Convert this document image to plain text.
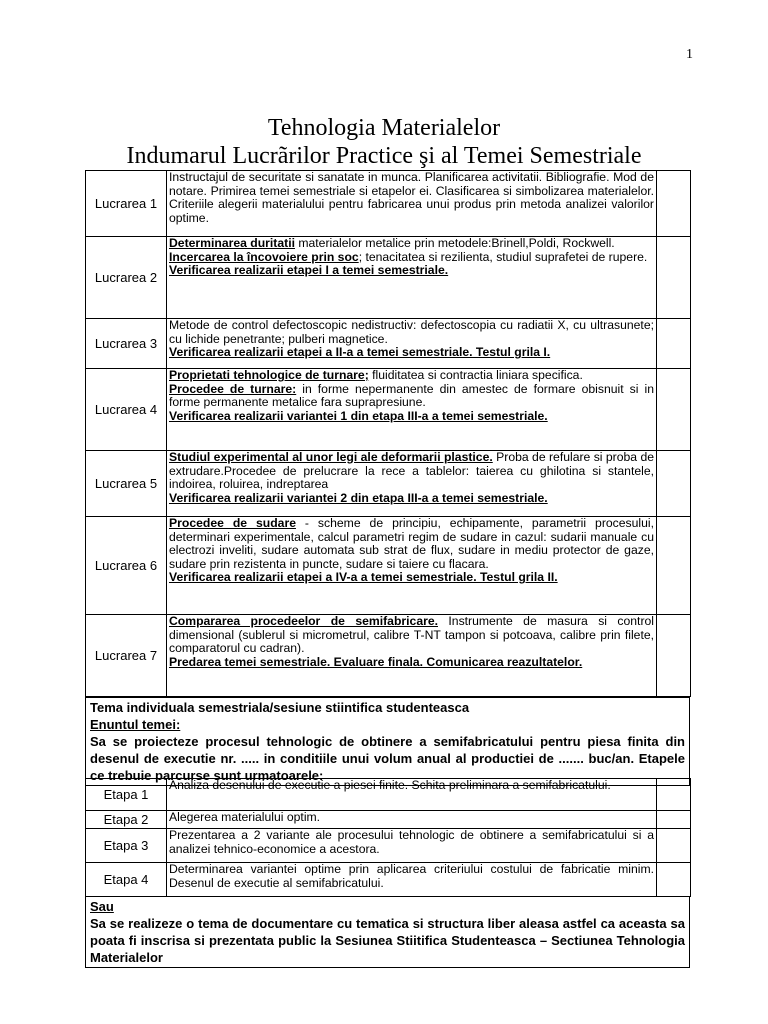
1
Tehnologia Materialelor
Indumarul Lucrãrilor Practice şi al Temei Semestriale
Lucrarea 1	Instructajul de securitate si sanatate in munca. Planificarea activitatii. Bibliografie. Mod de notare. Primirea temei semestriale si etapelor ei. Clasificarea si simbolizarea materialelor. Criteriile alegerii materialului pentru fabricarea unui produs prin metoda analizei valorilor optime.	

Lucrarea 2	Determinarea duritatii materialelor metalice prin metodele:Brinell,Poldi, Rockwell.
Incercarea la încovoiere prin soc; tenacitatea si rezilienta, studiul suprafetei de rupere.
Verificarea realizarii etapei I a temei semestriale.	

Lucrarea 3	Metode de control defectoscopic nedistructiv: defectoscopia cu radiatii X, cu ultrasunete; cu lichide penetrante; pulberi magnetice.
Verificarea realizarii etapei a II-a a temei semestriale. Testul grila I.	

Lucrarea 4	Proprietati tehnologice de turnare; fluiditatea si contractia liniara specifica.
Procedee de turnare: in forme nepermanente din amestec de formare obisnuit si in forme permanente metalice fara suprapresiune.
Verificarea realizarii variantei 1 din etapa III-a a temei semestriale.	

Lucrarea 5	Studiul experimental al unor legi ale deformarii plastice. Proba de refulare si proba de extrudare.Procedee de prelucrare la rece a tablelor: taierea cu ghilotina si stantele, indoirea, roluirea, indreptarea
Verificarea realizarii variantei 2 din etapa III-a a temei semestriale.	

Lucrarea 6	Procedee de sudare - scheme de principiu, echipamente, parametrii procesului, determinari experimentale, calcul parametri regim de sudare in cazul: sudarii manuale cu electrozi inveliti, sudare automata sub strat de flux, sudare in mediu protector de gaze, sudare prin rezistenta in puncte, sudare si taiere cu flacara.
Verificarea realizarii etapei a IV-a a temei semestriale. Testul grila II.	

Lucrarea 7	Compararea procedeelor de semifabricare. Instrumente de masura si control dimensional (sublerul si micrometrul, calibre T-NT tampon si potcoava, calibre prin filete, comparatorul cu cadran).
Predarea temei semestriale. Evaluare finala. Comunicarea reazultatelor.	

Tema individuala semestriala/sesiune stiintifica studenteasca
Enuntul temei:
Sa se proiecteze procesul tehnologic de obtinere a semifabricatului pentru piesa finita din desenul de executie nr. ..... in conditiile unui volum anual al productiei de ....... buc/an. Etapele ce trebuie parcurse sunt urmatoarele:
Etapa 1	Analiza desenului de executie a piesei finite. Schita preliminara a semifabricatului.	
Etapa 2	Alegerea materialului optim.	
Etapa 3	Prezentarea a 2 variante ale procesului tehnologic de obtinere a semifabricatului si a analizei tehnico-economice a acestora.	
Etapa 4	Determinarea variantei optime prin aplicarea criteriului costului de fabricatie minim. Desenul de executie al semifabricatului.	
Sau
Sa se realizeze o tema de documentare cu tematica si structura liber aleasa astfel ca aceasta sa poata fi inscrisa si prezentata public la Sesiunea Stiitifica Studenteasca – Sectiunea Tehnologia Materialelor
